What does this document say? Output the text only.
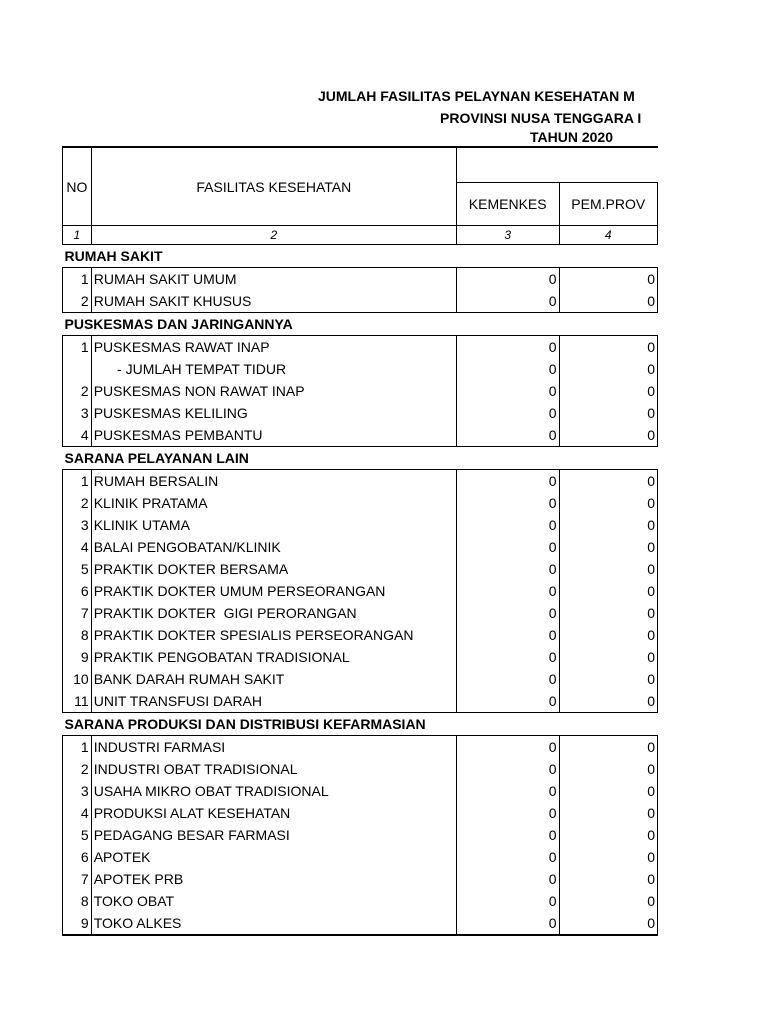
JUMLAH FASILITAS PELAYNAN KESEHATAN M
PROVINSI NUSA TENGGARA I
TAHUN 2020
NO	FASILITAS KESEHATAN		
		KEMENKES	PEM.PROV
1	2	3	4
RUMAH SAKIT			
1	RUMAH SAKIT UMUM	0	0
2	RUMAH SAKIT KHUSUS	0	0
PUSKESMAS DAN JARINGANNYA			
1	PUSKESMAS RAWAT INAP	0	0
	- JUMLAH TEMPAT TIDUR	0	0
2	PUSKESMAS NON RAWAT INAP	0	0
3	PUSKESMAS KELILING	0	0
4	PUSKESMAS PEMBANTU	0	0
SARANA PELAYANAN LAIN			
1	RUMAH BERSALIN	0	0
2	KLINIK PRATAMA	0	0
3	KLINIK UTAMA	0	0
4	BALAI PENGOBATAN/KLINIK	0	0
5	PRAKTIK DOKTER BERSAMA	0	0
6	PRAKTIK DOKTER UMUM PERSEORANGAN	0	0
7	PRAKTIK DOKTER  GIGI PERORANGAN	0	0
8	PRAKTIK DOKTER SPESIALIS PERSEORANGAN	0	0
9	PRAKTIK PENGOBATAN TRADISIONAL	0	0
10	BANK DARAH RUMAH SAKIT	0	0
11	UNIT TRANSFUSI DARAH	0	0
SARANA PRODUKSI DAN DISTRIBUSI KEFARMASIAN			
1	INDUSTRI FARMASI	0	0
2	INDUSTRI OBAT TRADISIONAL	0	0
3	USAHA MIKRO OBAT TRADISIONAL	0	0
4	PRODUKSI ALAT KESEHATAN	0	0
5	PEDAGANG BESAR FARMASI	0	0
6	APOTEK	0	0
7	APOTEK PRB	0	0
8	TOKO OBAT	0	0
9	TOKO ALKES	0	0
